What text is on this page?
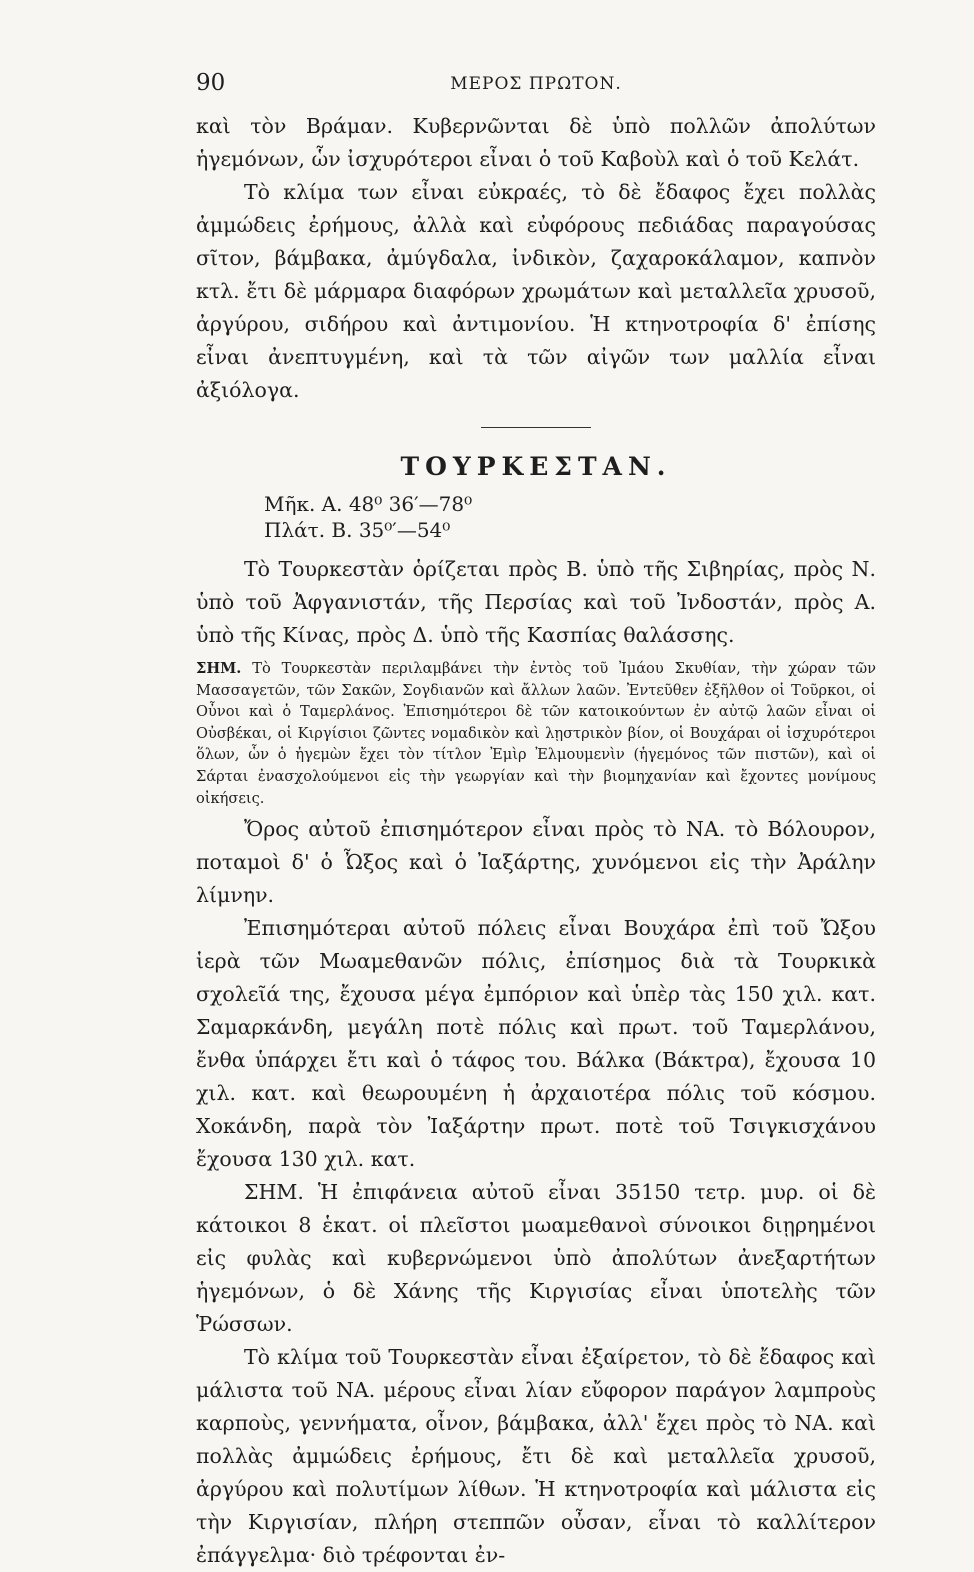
90	ΜΕΡΟΣ ΠΡΩΤΟΝ.

καὶ τὸν Βράμαν. Κυβερνῶνται δὲ ὑπὸ πολλῶν ἀπολύτων ἡγεμόνων, ὧν ἰσχυρότεροι εἶναι ὁ τοῦ Καβοὺλ καὶ ὁ τοῦ Κελάτ.

Τὸ κλίμα των εἶναι εὐκραές, τὸ δὲ ἔδαφος ἔχει πολλὰς ἀμμώδεις ἐρήμους, ἀλλὰ καὶ εὐφόρους πεδιάδας παραγούσας σῖτον, βάμβακα, ἀμύγδαλα, ἰνδικὸν, ζαχαροκάλαμον, καπνὸν κτλ. ἔτι δὲ μάρμαρα διαφόρων χρωμάτων καὶ μεταλλεῖα χρυσοῦ, ἀργύρου, σιδήρου καὶ ἀντιμονίου. Ἡ κτηνοτροφία δ' ἐπίσης εἶναι ἀνεπτυγμένη, καὶ τὰ τῶν αἰγῶν των μαλλία εἶναι ἀξιόλογα.

ΤΟΥΡΚΕΣΤΑΝ.
Μῆκ. Α. 48⁰ 36′—78⁰
Πλάτ. Β. 35⁰′—54⁰

Τὸ Τουρκεστὰν ὁρίζεται πρὸς Β. ὑπὸ τῆς Σιβηρίας, πρὸς Ν. ὑπὸ τοῦ Ἀφγανιστάν, τῆς Περσίας καὶ τοῦ Ἰνδοστάν, πρὸς Α. ὑπὸ τῆς Κίνας, πρὸς Δ. ὑπὸ τῆς Κασπίας θαλάσσης.

ΣΗΜ. Τὸ Τουρκεστὰν περιλαμβάνει τὴν ἐντὸς τοῦ Ἰμάου Σκυθίαν, τὴν χώραν τῶν Μασσαγετῶν, τῶν Σακῶν, Σογδιανῶν καὶ ἄλλων λαῶν. Ἐντεῦθεν ἐξῆλθον οἱ Τοῦρκοι, οἱ Οὖνοι καὶ ὁ Ταμερλάνος. Ἐπισημότεροι δὲ τῶν κατοικούντων ἐν αὐτῷ λαῶν εἶναι οἱ Οὐσβέκαι, οἱ Κιργίσιοι ζῶντες νομαδικὸν καὶ λῃστρικὸν βίον, οἱ Βουχάραι οἱ ἰσχυρότεροι ὅλων, ὧν ὁ ἡγεμὼν ἔχει τὸν τίτλον Ἐμὶρ Ἐλμουμενὶν (ἡγεμόνος τῶν πιστῶν), καὶ οἱ Σάρται ἐνασχολούμενοι εἰς τὴν γεωργίαν καὶ τὴν βιομηχανίαν καὶ ἔχοντες μονίμους οἰκήσεις.

Ὄρος αὐτοῦ ἐπισημότερον εἶναι πρὸς τὸ ΝΑ. τὸ Βόλουρον, ποταμοὶ δ' ὁ Ὦξος καὶ ὁ Ἰαξάρτης, χυνόμενοι εἰς τὴν Ἀράλην λίμνην.

Ἐπισημότεραι αὐτοῦ πόλεις εἶναι Βουχάρα ἐπὶ τοῦ Ὤξου ἱερὰ τῶν Μωαμεθανῶν πόλις, ἐπίσημος διὰ τὰ Τουρκικὰ σχολεῖά της, ἔχουσα μέγα ἐμπόριον καὶ ὑπὲρ τὰς 150 χιλ. κατ. Σαμαρκάνδη, μεγάλη ποτὲ πόλις καὶ πρωτ. τοῦ Ταμερλάνου, ἔνθα ὑπάρχει ἔτι καὶ ὁ τάφος του. Βάλκα (Βάκτρα), ἔχουσα 10 χιλ. κατ. καὶ θεωρουμένη ἡ ἀρχαιοτέρα πόλις τοῦ κόσμου. Χοκάνδη, παρὰ τὸν Ἰαξάρτην πρωτ. ποτὲ τοῦ Τσιγκισχάνου ἔχουσα 130 χιλ. κατ.

ΣΗΜ. Ἡ ἐπιφάνεια αὐτοῦ εἶναι 35150 τετρ. μυρ. οἱ δὲ κάτοικοι 8 ἑκατ. οἱ πλεῖστοι μωαμεθανοὶ σύνοικοι διῃρημένοι εἰς φυλὰς καὶ κυβερνώμενοι ὑπὸ ἀπολύτων ἀνεξαρτήτων ἡγεμόνων, ὁ δὲ Χάνης τῆς Κιργισίας εἶναι ὑποτελὴς τῶν Ῥώσσων.

Τὸ κλίμα τοῦ Τουρκεστὰν εἶναι ἐξαίρετον, τὸ δὲ ἔδαφος καὶ μάλιστα τοῦ ΝΑ. μέρους εἶναι λίαν εὔφορον παράγον λαμπροὺς καρποὺς, γεννήματα, οἶνον, βάμβακα, ἀλλ' ἔχει πρὸς τὸ ΝΑ. καὶ πολλὰς ἀμμώδεις ἐρήμους, ἔτι δὲ καὶ μεταλλεῖα χρυσοῦ, ἀργύρου καὶ πολυτίμων λίθων. Ἡ κτηνοτροφία καὶ μάλιστα εἰς τὴν Κιργισίαν, πλήρη στεππῶν οὖσαν, εἶναι τὸ καλλίτερον ἐπάγγελμα· διὸ τρέφονται ἐν-
